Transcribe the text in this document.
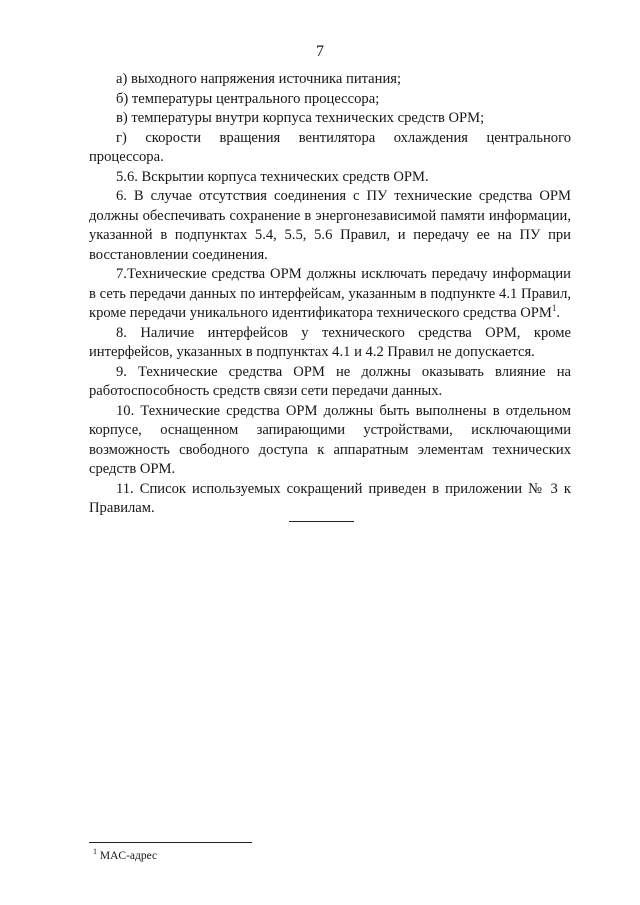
7

а) выходного напряжения источника питания;

б) температуры центрального процессора;

в) температуры внутри корпуса технических средств ОРМ;

г) скорости вращения вентилятора охлаждения центрального
процессора.

5.6. Вскрытии корпуса технических средств ОРМ.

6. В случае отсутствия соединения с ПУ технические средства ОРМ должны обеспечивать сохранение в энергонезависимой памяти информации, указанной в подпунктах 5.4, 5.5, 5.6 Правил, и передачу ее на ПУ при восстановлении соединения.

7.Технические средства ОРМ должны исключать передачу информации в сеть передачи данных по интерфейсам, указанным в подпункте 4.1 Правил, кроме передачи уникального идентификатора технического средства ОРМ$^1$.

8. Наличие интерфейсов у технического средства ОРМ, кроме интерфейсов, указанных в подпунктах 4.1 и 4.2 Правил не допускается.

9. Технические средства ОРМ не должны оказывать влияние на работоспособность средств связи сети передачи данных.

10. Технические средства ОРМ должны быть выполнены в отдельном корпусе, оснащенном запирающими устройствами, исключающими возможность свободного доступа к аппаратным элементам технических средств ОРМ.

11. Список используемых сокращений приведен в приложении № 3 к Правилам.

$^1$ MAC-адрес
